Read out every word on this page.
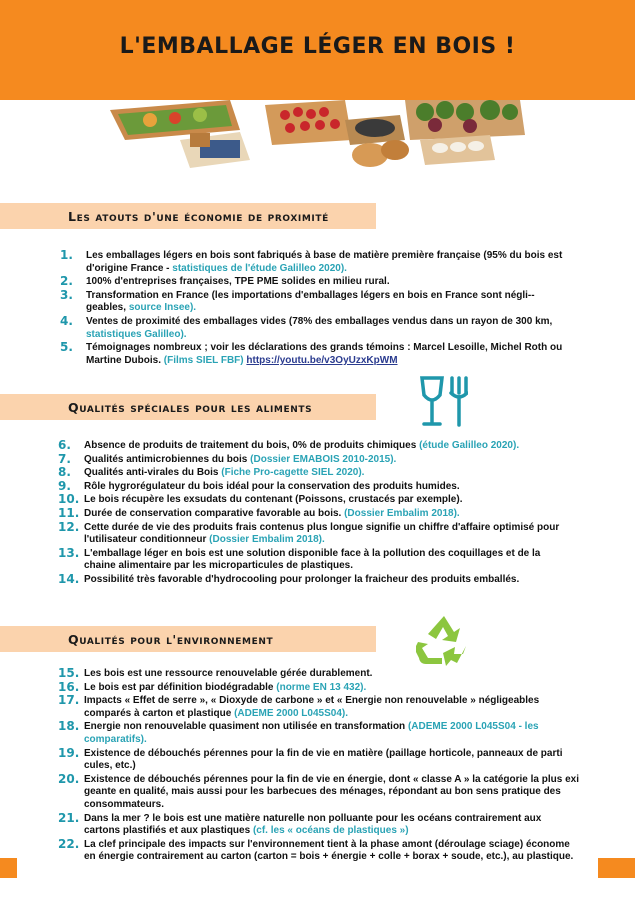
L'EMBALLAGE LÉGER EN BOIS !
Les atouts d'une économie de proximité
1. Les emballages légers en bois sont fabriqués à base de matière première française (95% du bois est d'origine France - statistiques de l'étude Galilleo 2020).
2. 100% d'entreprises françaises, TPE PME solides en milieu rural.
3. Transformation en France (les importations d'emballages légers en bois en France sont négli--geables, source Insee).
4. Ventes de proximité des emballages vides (78% des emballages vendus dans un rayon de 300 km, statistiques Galilleo).
5. Témoignages nombreux ; voir les déclarations des grands témoins : Marcel Lesoille, Michel Roth ou Martine Dubois. (Films SIEL FBF) https://youtu.be/v3OyUzxKpWM
Qualités spéciales pour les aliments
6. Absence de produits de traitement du bois, 0% de produits chimiques (étude Galilleo 2020).
7. Qualités antimicrobiennes du bois (Dossier EMABOIS 2010-2015).
8. Qualités anti-virales du Bois (Fiche Pro-cagette SIEL 2020).
9. Rôle hygrorégulateur du bois idéal pour la conservation des produits humides.
10. Le bois récupère les exsudats du contenant (Poissons, crustacés par exemple).
11. Durée de conservation comparative favorable au bois. (Dossier Embalim 2018).
12. Cette durée de vie des produits frais contenus plus longue signifie un chiffre d'affaire optimisé pour l'utilisateur conditionneur (Dossier Embalim 2018).
13. L'emballage léger en bois est une solution disponible face à la pollution des coquillages et de la chaine alimentaire par les microparticules de plastiques.
14. Possibilité très favorable d'hydrocooling pour prolonger la fraicheur des produits emballés.
Qualités pour l'environnement
15. Les bois est une ressource renouvelable gérée durablement.
16. Le bois est par définition biodégradable (norme EN 13 432).
17. Impacts « Effet de serre », « Dioxyde de carbone » et « Energie non renouvelable » négligeables comparés à carton et plastique (ADEME 2000 L045S04).
18. Energie non renouvelable quasiment non utilisée en transformation (ADEME 2000 L045S04 - les comparatifs).
19. Existence de débouchés pérennes pour la fin de vie en matière (paillage horticole, panneaux de parti cules, etc.)
20. Existence de débouchés pérennes pour la fin de vie en énergie, dont « classe A » la catégorie la plus exi geante en qualité, mais aussi pour les barbecues des ménages, répondant au bon sens pratique des consommateurs.
21. Dans la mer ? le bois est une matière naturelle non polluante pour les océans contrairement aux cartons plastifiés et aux plastiques (cf. les « océans de plastiques »)
22. La clef principale des impacts sur l'environnement tient à la phase amont (déroulage sciage) économe en énergie contrairement au carton (carton = bois + énergie + colle + borax + soude, etc.), au plastique.
